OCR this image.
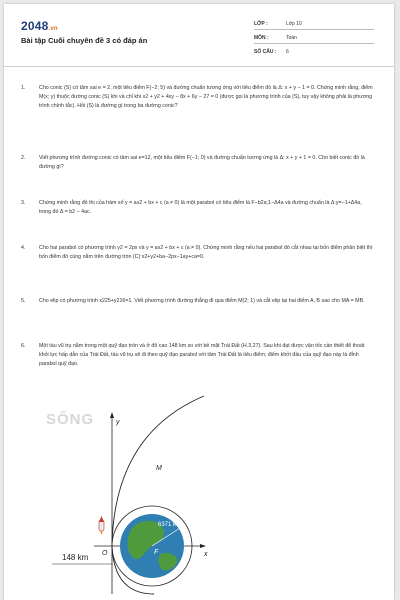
2048.vn
Bài tập Cuối chuyên đề 3 có đáp án
LỚP :	Lớp 10
MÔN :	Toán
SỐ CÂU : 6
1.	Cho conic (S) có tâm sai e = 2, một tiêu điểm F(−2; 5) và đường chuẩn tương ứng với tiêu điểm đó là Δ: x + y − 1 = 0. Chứng minh rằng, điểm M(x; y) thuộc đường conic (S) khi và chỉ khi x2 + y2 + 4xy − 8x + 6y − 27 = 0 (được gọi là phương trình của (S), tuy vậy không phải là phương trình chính tắc). Hỏi (S) là đường gì trong ba đường conic?
2.	Viết phương trình đường conic có tâm sai e=12, một tiêu điểm F(−1; 0) và đường chuẩn tương ứng là Δ: x + y + 1 = 0. Cho biết conic đó là đường gì?
3.	Chứng minh rằng đồ thị của hàm số y = ax2 + bx + c (a ≠ 0) là một parabol có tiêu điểm là F−b2a;1−Δ4a và đường chuẩn là Δ:y=−1+Δ4a, trong đó Δ = b2 − 4ac.
4.	Cho hai parabol có phương trình y2 = 2px và y = ax2 + bx + c (a ≠ 0). Chứng minh rằng nếu hai parabol đó cắt nhau tại bốn điểm phân biệt thì bốn điểm đó cùng nằm trên đường tròn (C):x2+y2+ba−2px−1ay+ca=0.
5.	Cho elip có phương trình x225+y216=1. Viết phương trình đường thẳng đi qua điểm M(2; 1) và cắt elip tại hai điểm A, B sao cho MA = MB.
6.	Một tàu vũ trụ nằm trong một quỹ đạo tròn và ở độ cao 148 km so với bề mặt Trái Đất (H.3.27). Sau khi đạt được vận tốc cần thiết để thoát khỏi lực hấp dẫn của Trái Đất, tàu vũ trụ sẽ đi theo quỹ đạo parabol với tâm Trái Đất là tiêu điểm; điểm khởi đầu của quỹ đạo này là đỉnh parabol quỹ đạo.
SỐNG
148 km
y
x
O	F
M
6371 km
